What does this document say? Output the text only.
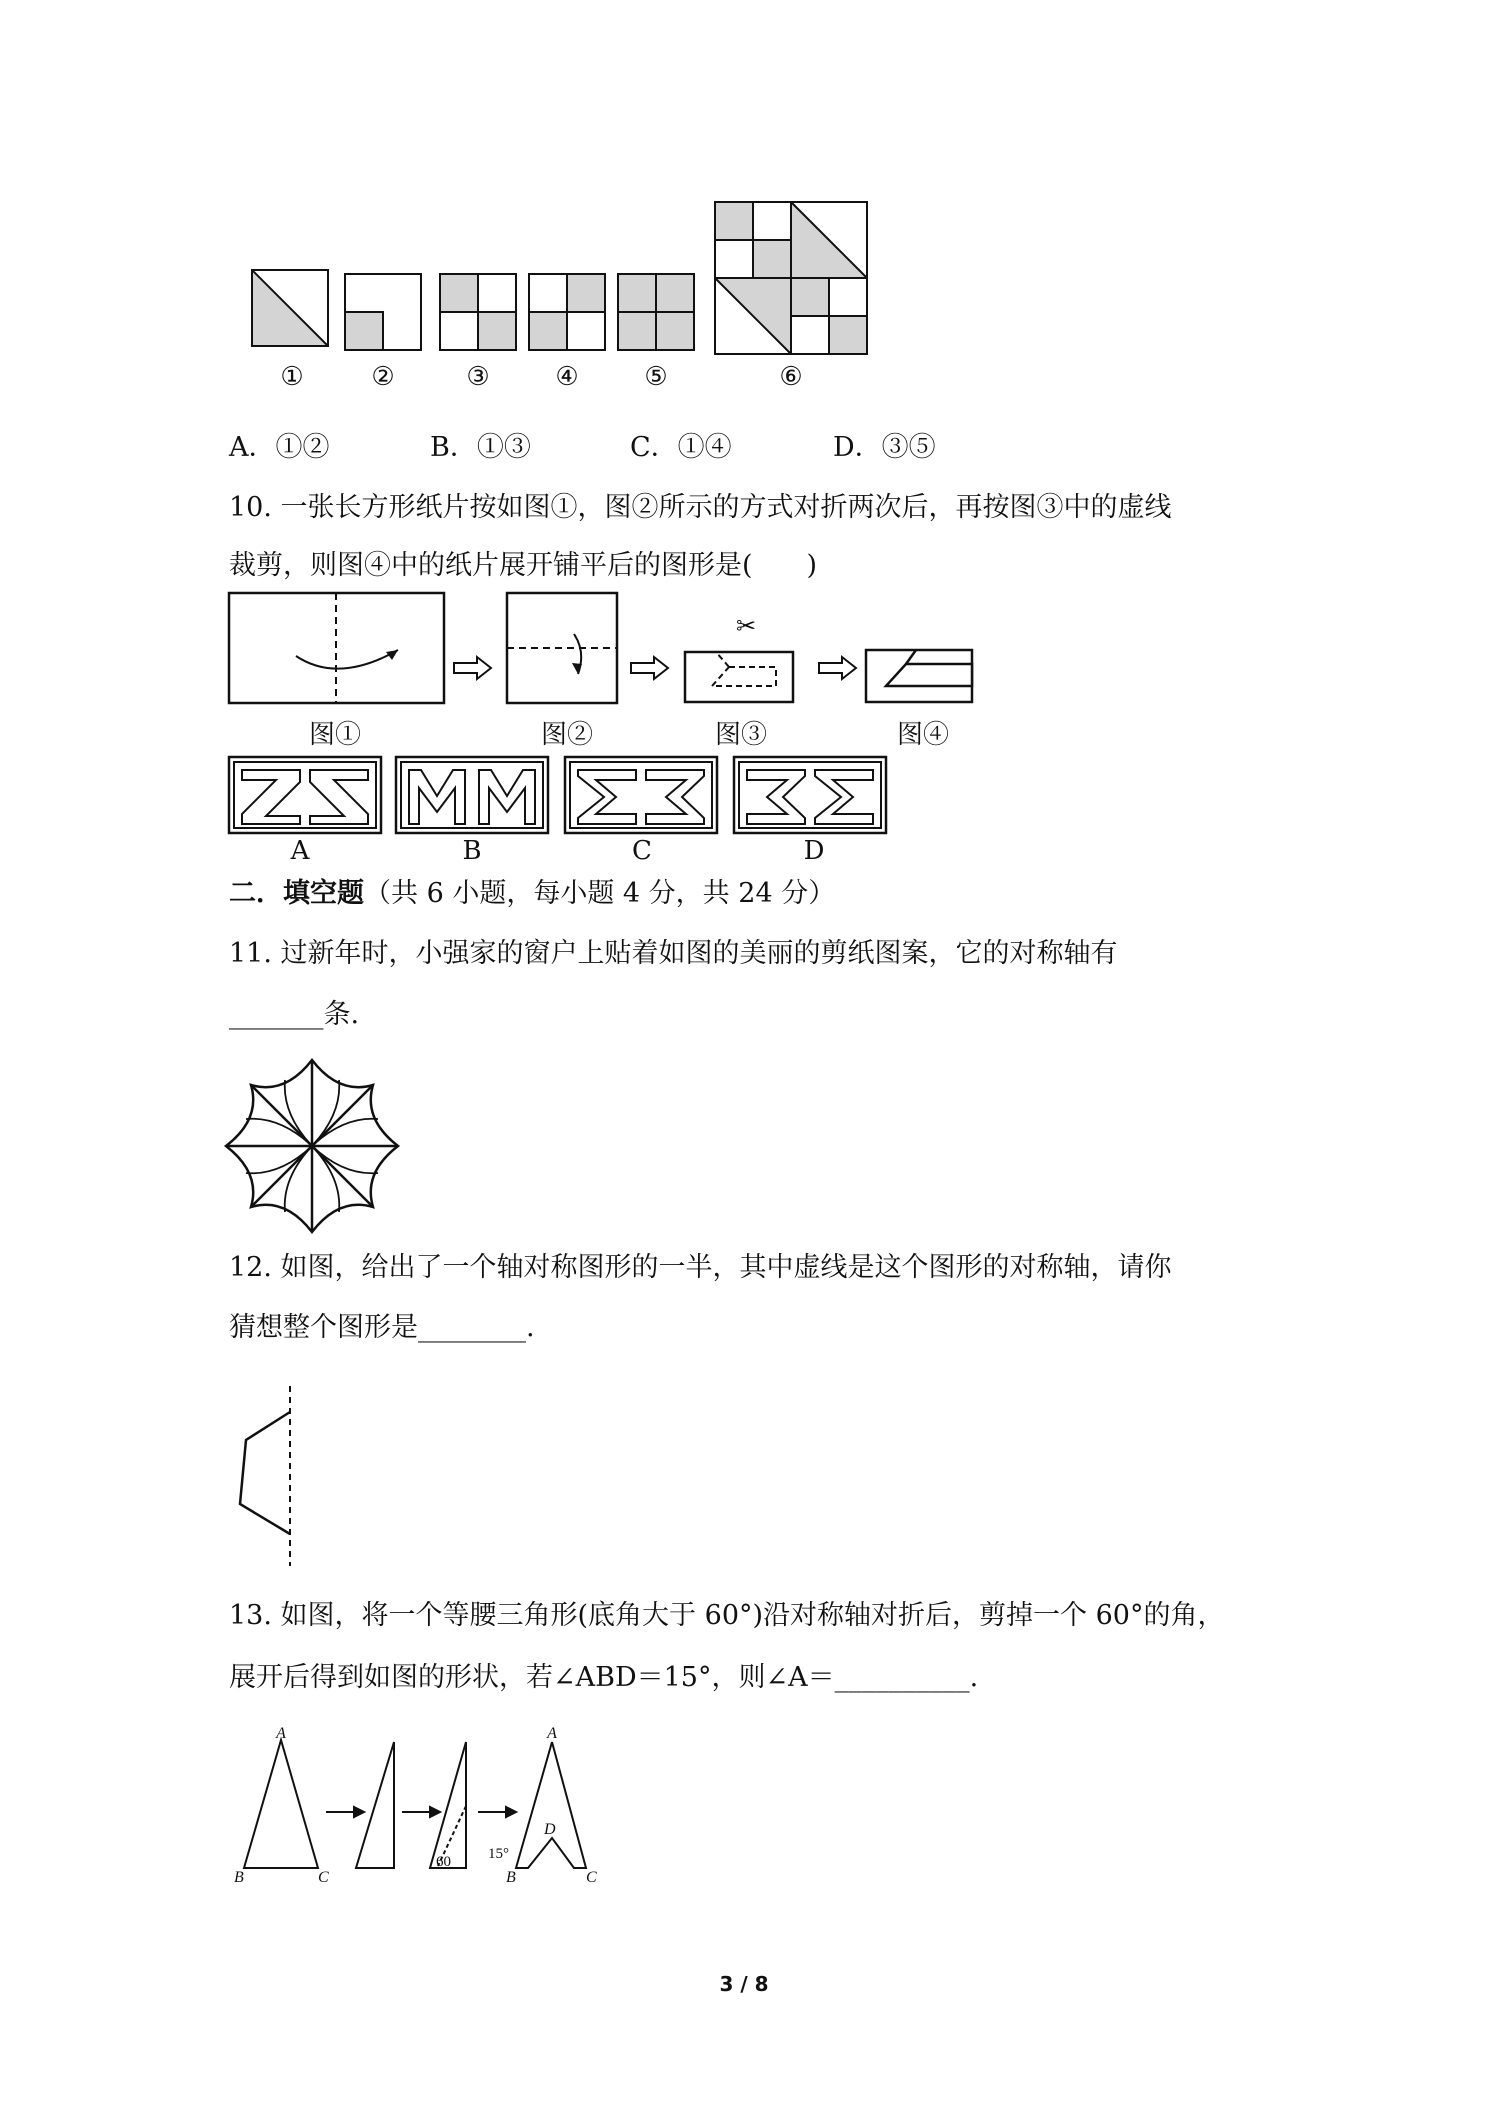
①	②	③	④	⑤	⑥
A．①②	B．①③	C．①④	D．③⑤
10. 一张长方形纸片按如图①，图②所示的方式对折两次后，再按图③中的虚线
裁剪，则图④中的纸片展开铺平后的图形是(　　)
✂
图①	图②	图③	图④
A	B	C	D
二．填空题（共 6 小题，每小题 4 分，共 24 分）
11. 过新年时，小强家的窗户上贴着如图的美丽的剪纸图案，它的对称轴有
_______条.
12. 如图，给出了一个轴对称图形的一半，其中虚线是这个图形的对称轴，请你
猜想整个图形是________.
13. 如图，将一个等腰三角形(底角大于 60°)沿对称轴对折后，剪掉一个 60°的角，
展开后得到如图的形状，若∠ABD＝15°，则∠A＝__________.
A
B	C
60
A
D
15°
B	C
3 / 8
